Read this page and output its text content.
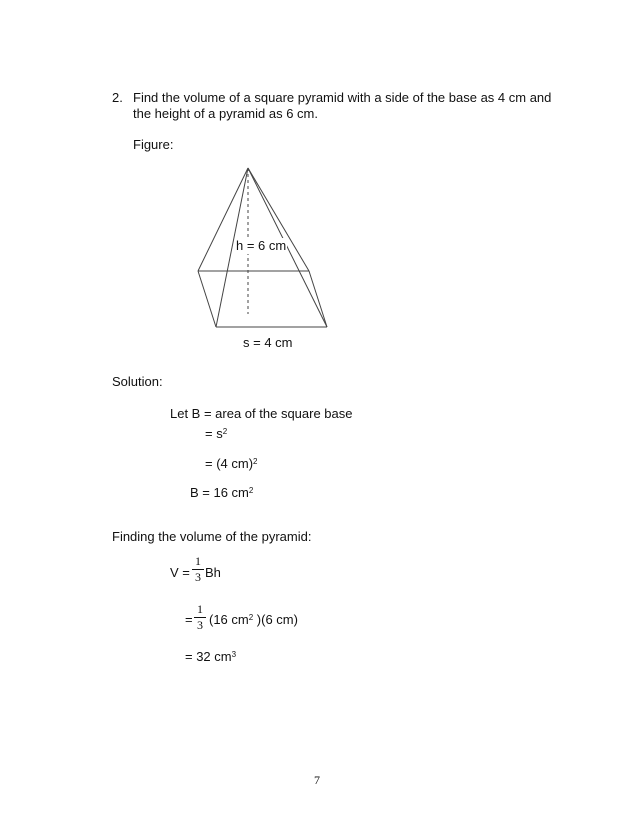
2. Find the volume of a square pyramid with a side of the base as 4 cm and
the height of a pyramid as 6 cm.
Figure:
h = 6 cm
s = 4 cm
Solution:
Let B = area of the square base
= $s^2$
= (4 cm)$^2$
B = 16 $cm^2$
Finding the volume of the pyramid:
V =
1
3 Bh
=
1
3 (16 $cm^2$ )(6 cm)
= 32 $cm^3$
7
